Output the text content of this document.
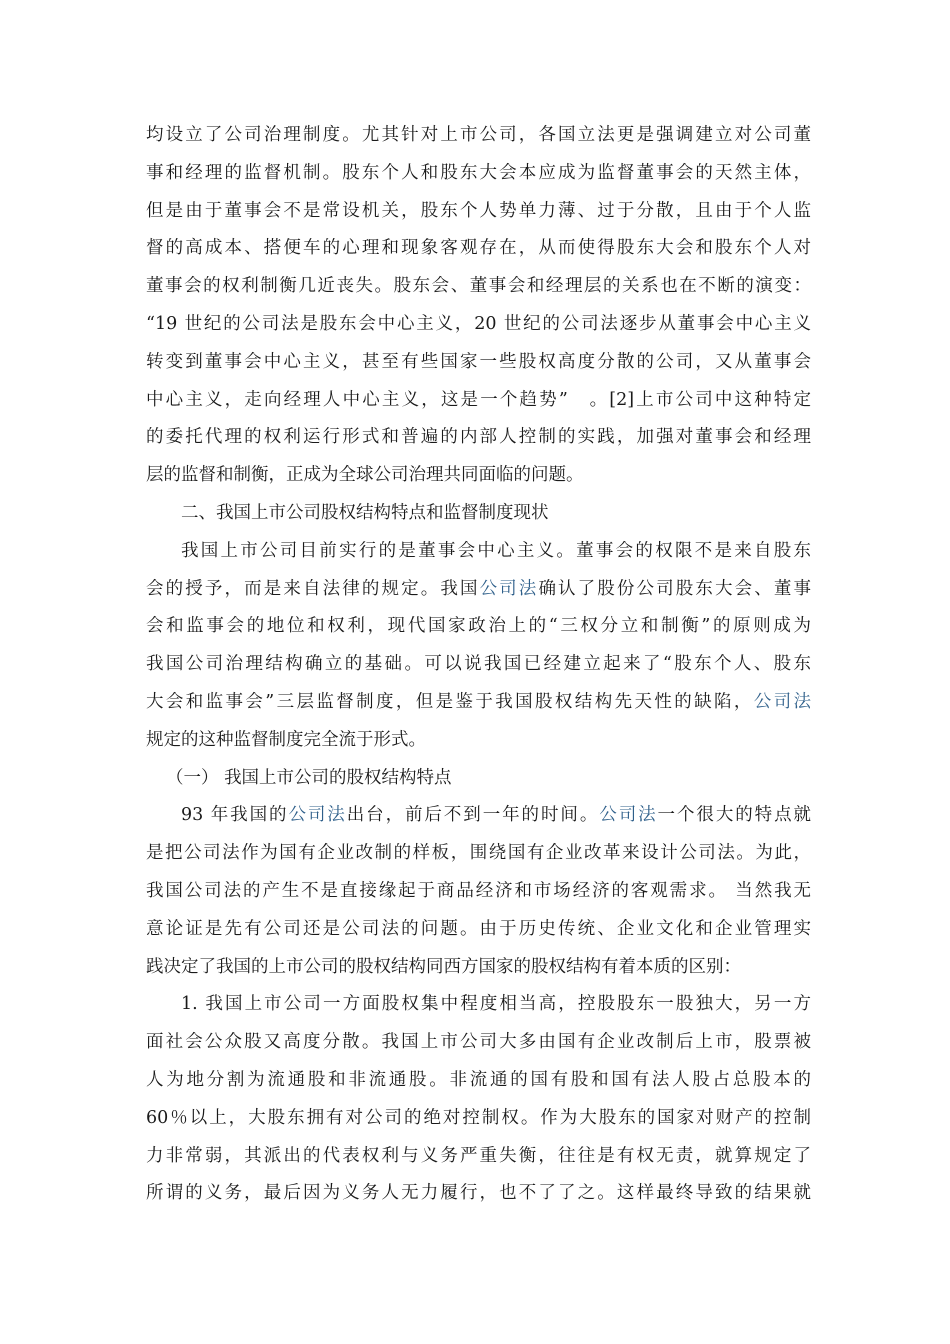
均设立了公司治理制度。尤其针对上市公司，各国立法更是强调建立对公司董
事和经理的监督机制。股东个人和股东大会本应成为监督董事会的天然主体，
但是由于董事会不是常设机关，股东个人势单力薄、过于分散，且由于个人监
督的高成本、搭便车的心理和现象客观存在，从而使得股东大会和股东个人对
董事会的权利制衡几近丧失。股东会、董事会和经理层的关系也在不断的演变：
“19 世纪的公司法是股东会中心主义，20 世纪的公司法逐步从董事会中心主义
转变到董事会中心主义，甚至有些国家一些股权高度分散的公司，又从董事会
中心主义，走向经理人中心主义，这是一个趋势”　。[2]上市公司中这种特定
的委托代理的权利运行形式和普遍的内部人控制的实践，加强对董事会和经理
层的监督和制衡，正成为全球公司治理共同面临的问题。
二、我国上市公司股权结构特点和监督制度现状
我国上市公司目前实行的是董事会中心主义。董事会的权限不是来自股东
会的授予，而是来自法律的规定。我国公司法确认了股份公司股东大会、董事
会和监事会的地位和权利，现代国家政治上的“三权分立和制衡”的原则成为
我国公司治理结构确立的基础。可以说我国已经建立起来了“股东个人、股东
大会和监事会”三层监督制度，但是鉴于我国股权结构先天性的缺陷，公司法
规定的这种监督制度完全流于形式。
（一） 我国上市公司的股权结构特点
93 年我国的公司法出台，前后不到一年的时间。公司法一个很大的特点就
是把公司法作为国有企业改制的样板，围绕国有企业改革来设计公司法。为此，
我国公司法的产生不是直接缘起于商品经济和市场经济的客观需求。 当然我无
意论证是先有公司还是公司法的问题。由于历史传统、企业文化和企业管理实
践决定了我国的上市公司的股权结构同西方国家的股权结构有着本质的区别：
1. 我国上市公司一方面股权集中程度相当高，控股股东一股独大，另一方
面社会公众股又高度分散。我国上市公司大多由国有企业改制后上市，股票被
人为地分割为流通股和非流通股。非流通的国有股和国有法人股占总股本的
60％以上，大股东拥有对公司的绝对控制权。作为大股东的国家对财产的控制
力非常弱，其派出的代表权利与义务严重失衡，往往是有权无责，就算规定了
所谓的义务，最后因为义务人无力履行，也不了了之。这样最终导致的结果就
